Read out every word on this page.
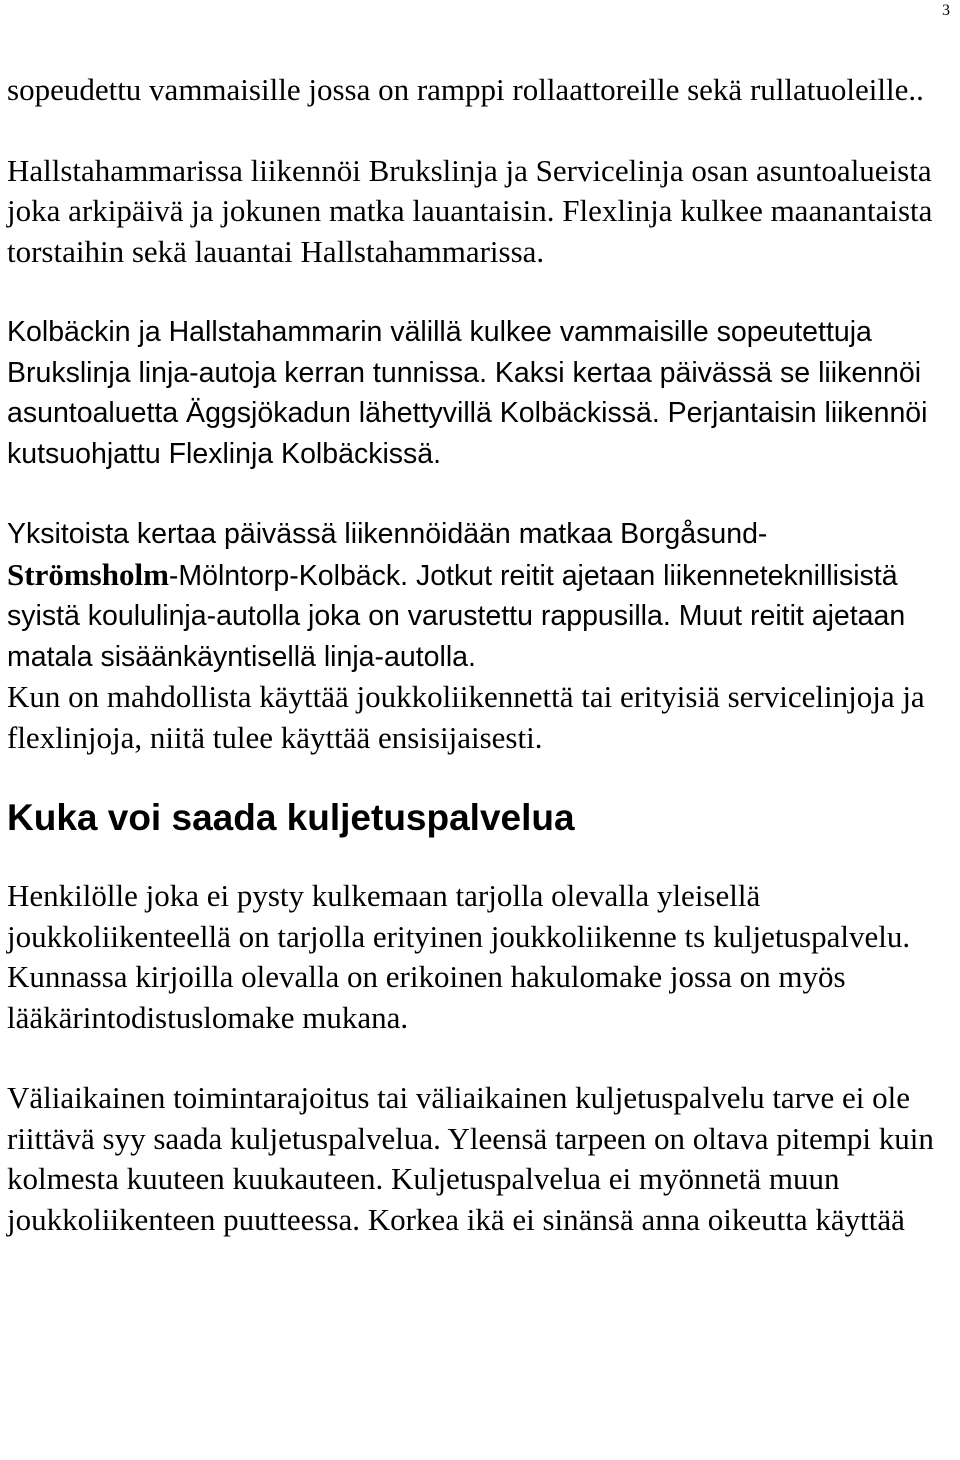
3

sopeudettu vammaisille jossa on ramppi rollaattoreille sekä rullatuoleille..

Hallstahammarissa liikennöi Brukslinja ja Servicelinja osan asuntoalueista joka arkipäivä ja jokunen matka lauantaisin. Flexlinja kulkee maanantaista torstaihin sekä lauantai Hallstahammarissa.

Kolbäckin ja Hallstahammarin välillä kulkee vammaisille sopeutettuja Brukslinja linja-autoja kerran tunnissa. Kaksi kertaa päivässä se liikennöi asuntoaluetta Äggsjökadun lähettyvillä Kolbäckissä. Perjantaisin liikennöi kutsuohjattu Flexlinja Kolbäckissä.

Yksitoista kertaa päivässä liikennöidään matkaa Borgåsund-
Strömsholm-Mölntorp-Kolbäck. Jotkut reitit ajetaan liikenneteknillisistä syistä koululinja-autolla joka on varustettu rappusilla. Muut reitit ajetaan matala sisäänkäyntisellä linja-autolla.

Kun on mahdollista käyttää joukkoliikennettä tai erityisiä servicelinjoja ja flexlinjoja, niitä tulee käyttää ensisijaisesti.

Kuka voi saada kuljetuspalvelua

Henkilölle joka ei pysty kulkemaan tarjolla olevalla yleisellä joukkoliikenteellä on tarjolla erityinen joukkoliikenne ts kuljetuspalvelu. Kunnassa kirjoilla olevalla on erikoinen hakulomake jossa on myös lääkärintodistuslomake mukana.

Väliaikainen toimintarajoitus tai väliaikainen kuljetuspalvelu tarve ei ole riittävä syy saada kuljetuspalvelua. Yleensä tarpeen on oltava pitempi kuin kolmesta kuuteen kuukauteen. Kuljetuspalvelua ei myönnetä muun joukkoliikenteen puutteessa. Korkea ikä ei sinänsä anna oikeutta käyttää
